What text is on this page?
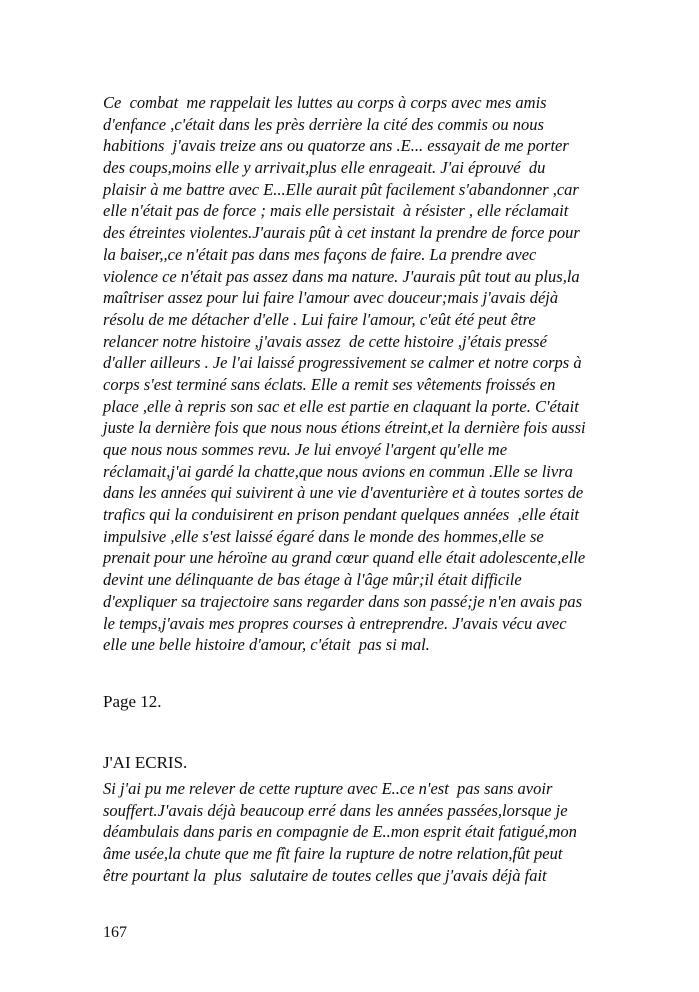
Ce  combat  me rappelait les luttes au corps à corps avec mes amis
d'enfance ,c'était dans les près derrière la cité des commis ou nous
habitions  j'avais treize ans ou quatorze ans .E... essayait de me porter
des coups,moins elle y arrivait,plus elle enrageait. J'ai éprouvé  du
plaisir à me battre avec E...Elle aurait pût facilement s'abandonner ,car
elle n'était pas de force ; mais elle persistait  à résister , elle réclamait
des étreintes violentes.J'aurais pût à cet instant la prendre de force pour
la baiser,,ce n'était pas dans mes façons de faire. La prendre avec
violence ce n'était pas assez dans ma nature. J'aurais pût tout au plus,la
maîtriser assez pour lui faire l'amour avec douceur;mais j'avais déjà
résolu de me détacher d'elle . Lui faire l'amour, c'eût été peut être
relancer notre histoire ,j'avais assez  de cette histoire ,j'étais pressé
d'aller ailleurs . Je l'ai laissé progressivement se calmer et notre corps à
corps s'est terminé sans éclats. Elle a remit ses vêtements froissés en
place ,elle à repris son sac et elle est partie en claquant la porte. C'était
juste la dernière fois que nous nous étions étreint,et la dernière fois aussi
que nous nous sommes revu. Je lui envoyé l'argent qu'elle me
réclamait,j'ai gardé la chatte,que nous avions en commun .Elle se livra
dans les années qui suivirent à une vie d'aventurière et à toutes sortes de
trafics qui la conduisirent en prison pendant quelques années  ,elle était
impulsive ,elle s'est laissé égaré dans le monde des hommes,elle se
prenait pour une héroïne au grand cœur quand elle était adolescente,elle
devint une délinquante de bas étage à l'âge mûr;il était difficile
d'expliquer sa trajectoire sans regarder dans son passé;je n'en avais pas
le temps,j'avais mes propres courses à entreprendre. J'avais vécu avec
elle une belle histoire d'amour, c'était  pas si mal.
Page 12.
J'AI ECRIS.
Si j'ai pu me relever de cette rupture avec E..ce n'est  pas sans avoir
souffert.J'avais déjà beaucoup erré dans les années passées,lorsque je
déambulais dans paris en compagnie de E..mon esprit était fatigué,mon
âme usée,la chute que me fît faire la rupture de notre relation,fût peut
être pourtant la  plus  salutaire de toutes celles que j'avais déjà fait
167
